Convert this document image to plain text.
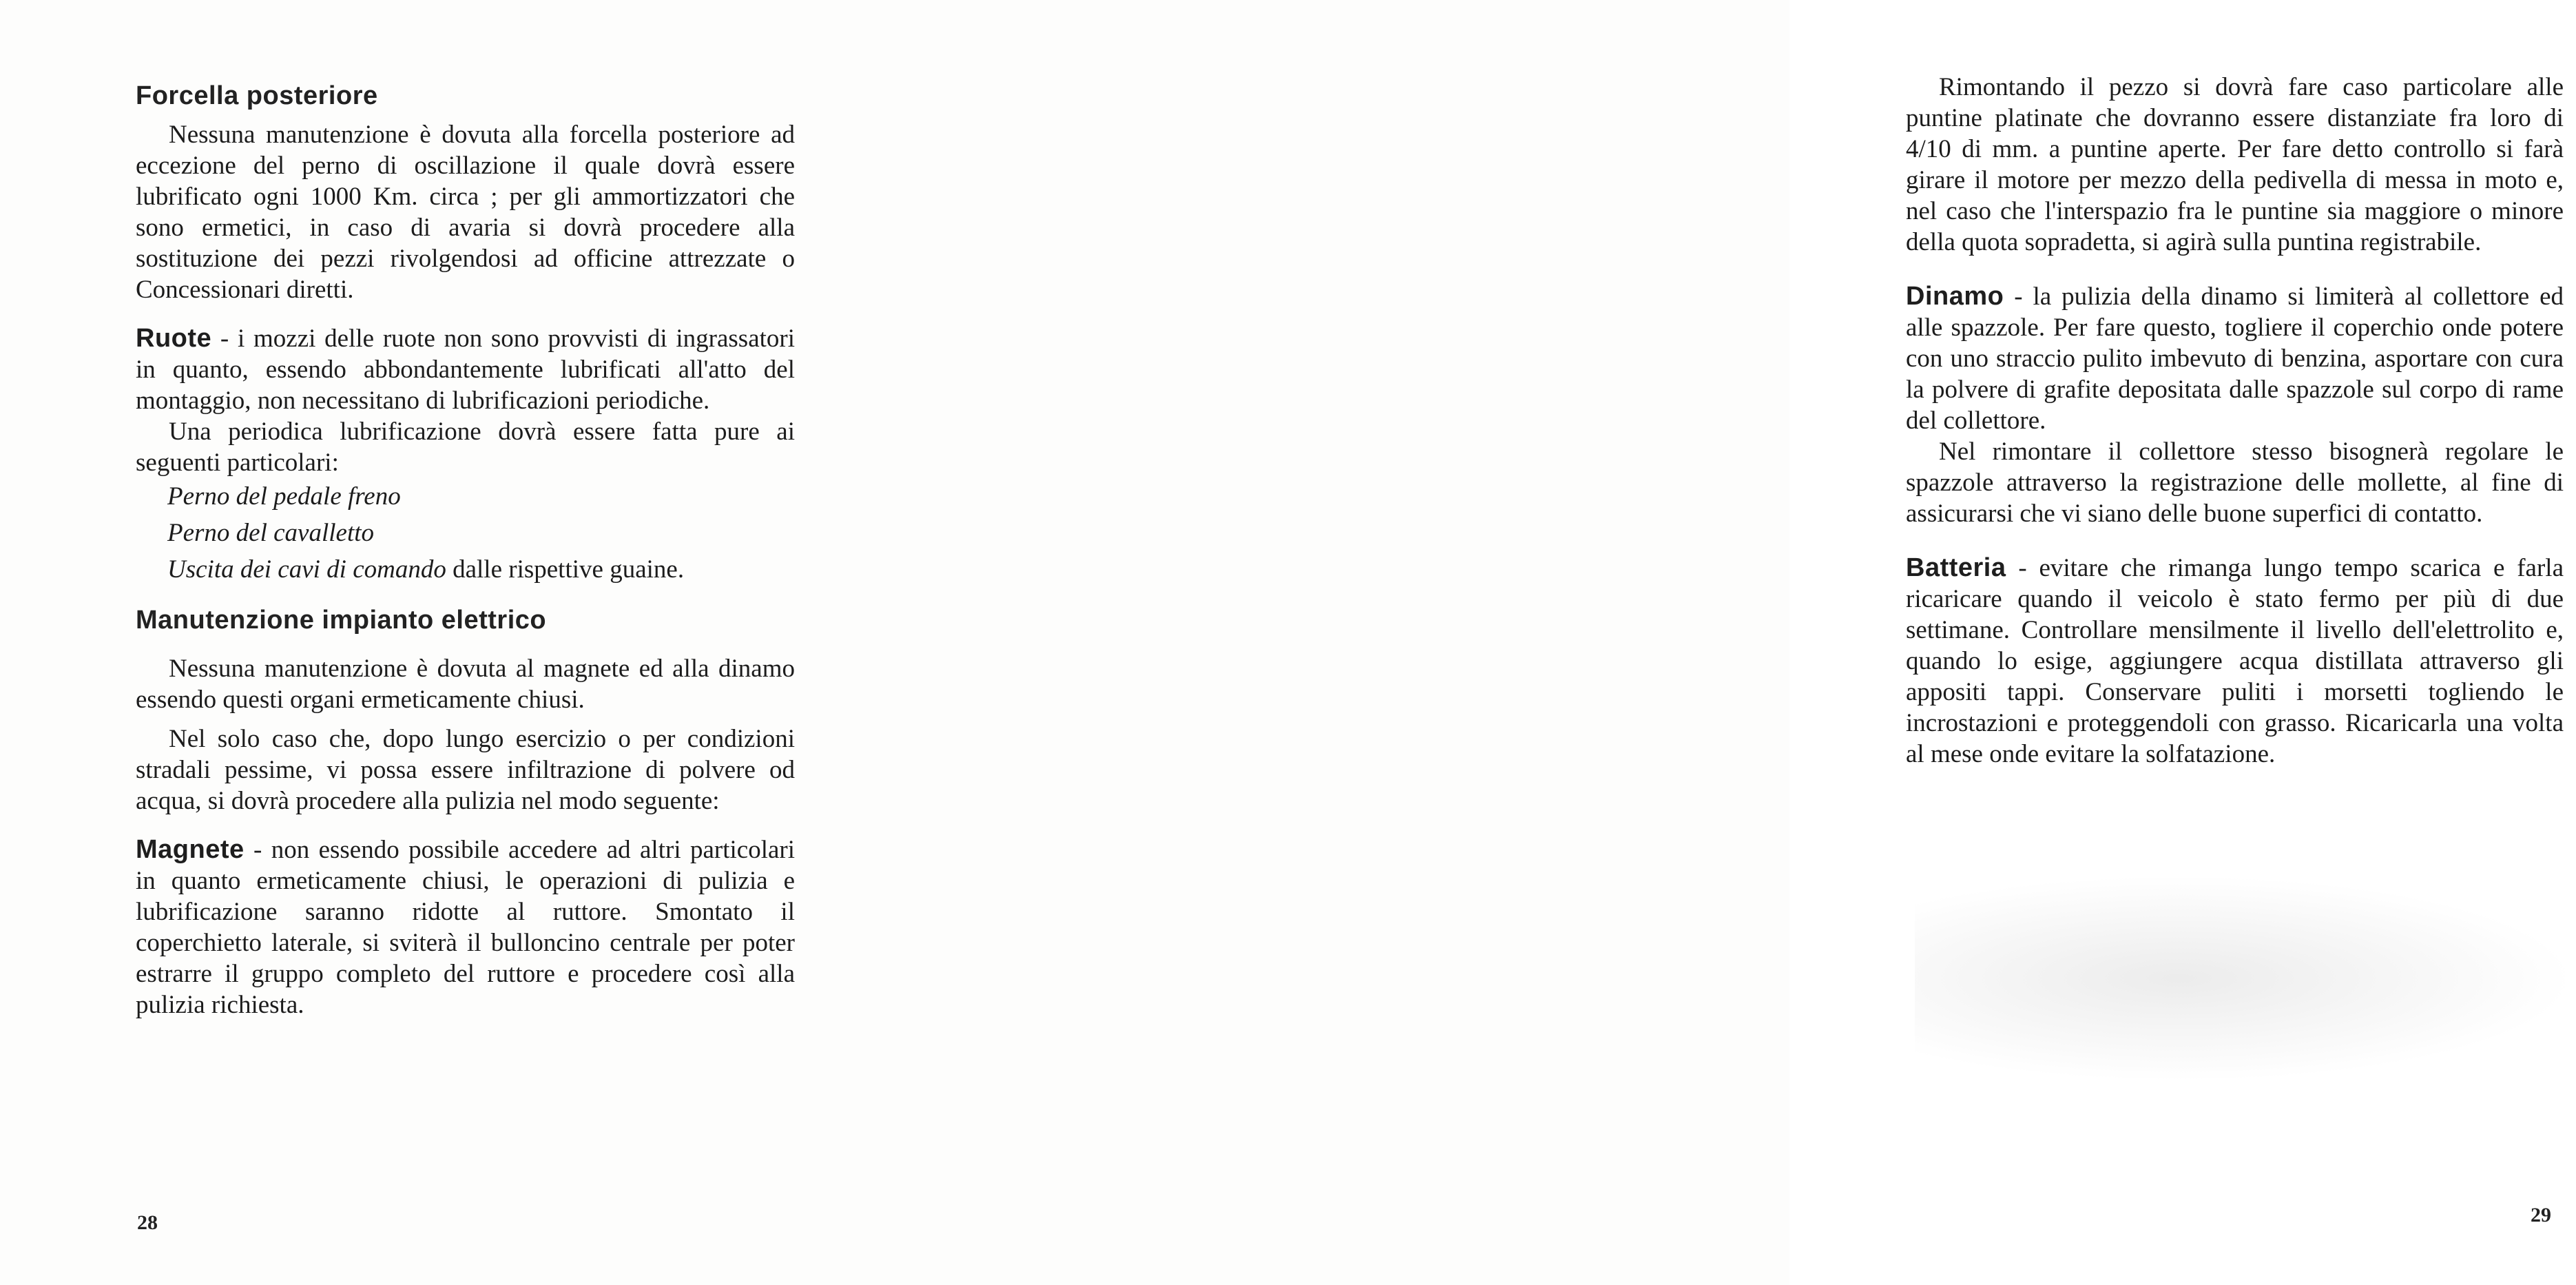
Forcella posteriore

Nessuna manutenzione è dovuta alla forcella posteriore ad eccezione del perno di oscillazione il quale dovrà essere lubrificato ogni 1000 Km. circa ; per gli ammortizzatori che sono ermetici, in caso di avaria si dovrà procedere alla sostituzione dei pezzi rivolgendosi ad officine attrezzate o Concessionari diretti.

Ruote - i mozzi delle ruote non sono provvisti di ingrassatori in quanto, essendo abbondantemente lubrificati all'atto del montaggio, non necessitano di lubrificazioni periodiche.

Una periodica lubrificazione dovrà essere fatta pure ai seguenti particolari:

Perno del pedale freno
Perno del cavalletto
Uscita dei cavi di comando dalle rispettive guaine.
Manutenzione impianto elettrico

Nessuna manutenzione è dovuta al magnete ed alla dinamo essendo questi organi ermeticamente chiusi.

Nel solo caso che, dopo lungo esercizio o per condizioni stradali pessime, vi possa essere infiltrazione di polvere od acqua, si dovrà procedere alla pulizia nel modo seguente:

Magnete - non essendo possibile accedere ad altri particolari in quanto ermeticamente chiusi, le operazioni di pulizia e lubrificazione saranno ridotte al ruttore. Smontato il coperchietto laterale, si sviterà il bulloncino centrale per poter estrarre il gruppo completo del ruttore e procedere così alla pulizia richiesta.

28

Rimontando il pezzo si dovrà fare caso particolare alle puntine platinate che dovranno essere distanziate fra loro di 4/10 di mm. a puntine aperte. Per fare detto controllo si farà girare il motore per mezzo della pedivella di messa in moto e, nel caso che l'interspazio fra le puntine sia maggiore o minore della quota sopradetta, si agirà sulla puntina registrabile.

Dinamo - la pulizia della dinamo si limiterà al collettore ed alle spazzole. Per fare questo, togliere il coperchio onde potere con uno straccio pulito imbevuto di benzina, asportare con cura la polvere di grafite depositata dalle spazzole sul corpo di rame del collettore.

Nel rimontare il collettore stesso bisognerà regolare le spazzole attraverso la registrazione delle mollette, al fine di assicurarsi che vi siano delle buone superfici di contatto.

Batteria - evitare che rimanga lungo tempo scarica e farla ricaricare quando il veicolo è stato fermo per più di due settimane. Controllare mensilmente il livello dell'elettrolito e, quando lo esige, aggiungere acqua distillata attraverso gli appositi tappi. Conservare puliti i morsetti togliendo le incrostazioni e proteggendoli con grasso. Ricaricarla una volta al mese onde evitare la solfatazione.

29
